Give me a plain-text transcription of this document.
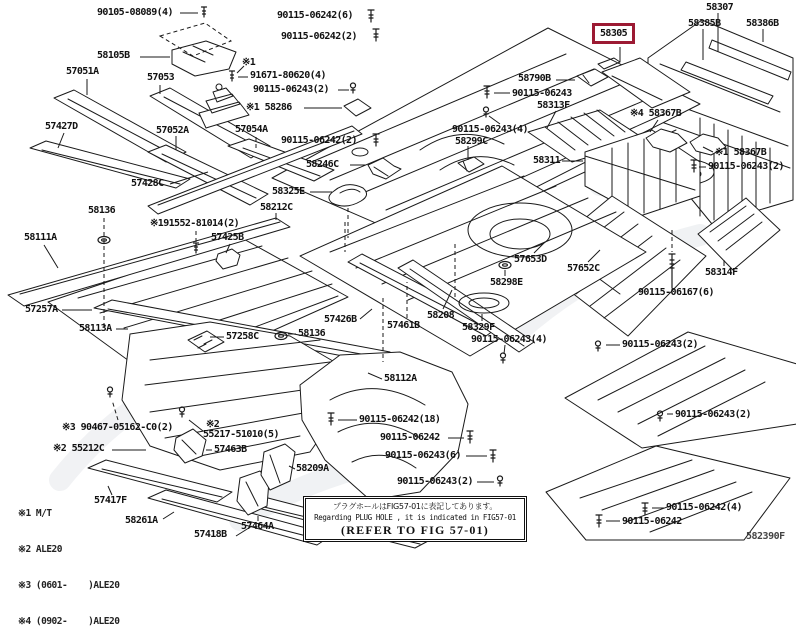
90105-08089(4)	90115-06242(6)
90115-06242(2)
58307
58385B	58386B
58305
58105B
57051A
57053
※1
91671-80620(4)
90115-06243(2)
※1 58286
57054A
90115-06242(2)
58246C
58790B
90115-06243
58313F
※4 58367B
90115-06243(4)
58299C
※1 58367B
90115-06243(2)
58311
57427D	57052A
57428C
58136
58111A
※191552-81014(2)
57425B
58325E
58212C
57257A
58113A
57258C
57426B
58136
57461B
58208
58329F
90115-06243(4)
58298E
57653D
57652C	58314F
90115-06167(6)
90115-06243(2)
58112A
90115-06242(18)
90115-06242
90115-06243(6)
90115-06243(2)
58209A
※2
55217-51010(5)
※3 90467-05162-C0(2)
※2 55212C	57463B
57417F
58261A
57418B
57464A
90115-06243(2)
90115-06242(4)
90115-06242

※1 M/T

※2 ALE20

※3 (0601-    )ALE20

※4 (0902-    )ALE20

プラグホールはFIG57-01に表記してあります。
Regarding PLUG HOLE , it is indicated in FIG57-01
(REFER TO FIG 57-01)	582390F
